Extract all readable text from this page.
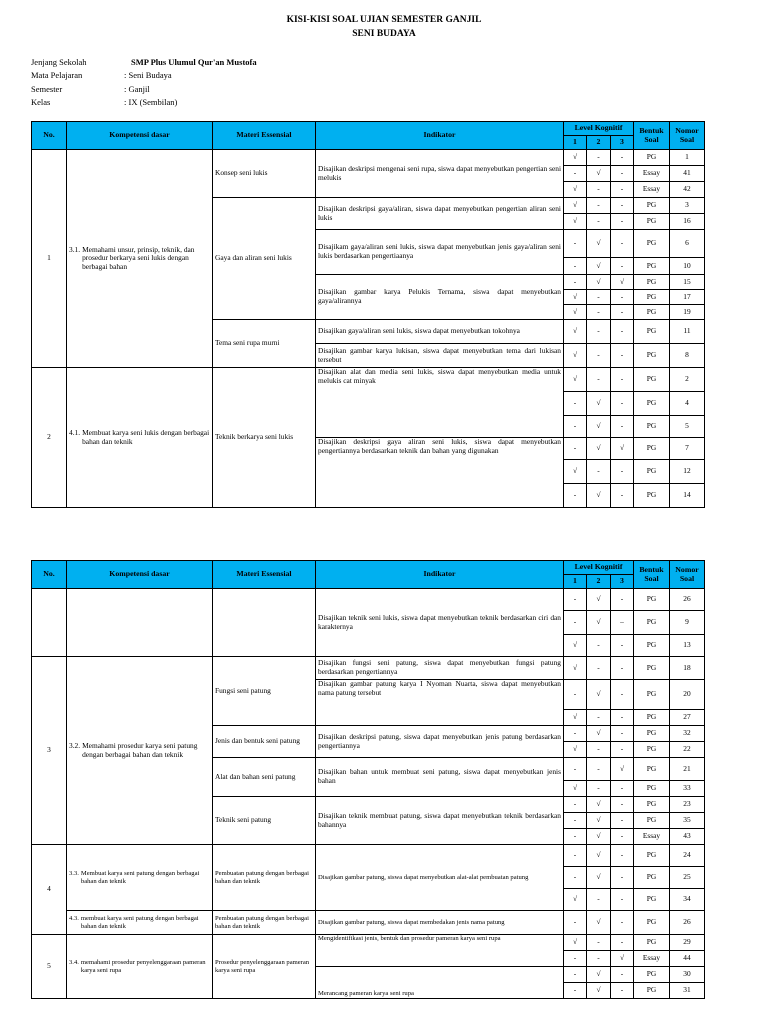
KISI-KISI SOAL UJIAN SEMESTER GANJIL
SENI BUDAYA
Jenjang Sekolah	SMP Plus Ulumul Qur'an Mustofa
Mata Pelajaran	: Seni Budaya
Semester	: Ganjil
Kelas	: IX (Sembilan)
No.	Kompetensi dasar	Materi Essensial	Indikator	Level Kognitif			Bentuk Soal	Nomor Soal
				1	2	3		
1	3.1. Memahami unsur, prinsip, teknik, dan prosedur berkarya seni lukis dengan berbagai bahan	Konsep seni lukis	Disajikan deskripsi mengenai seni rupa, siswa dapat menyebutkan pengertian seni melukis	√	-	-	PG	1
				-	√	-	Essay	41
				√	-	-	Essay	42
		Gaya dan aliran seni lukis	Disajikan deskripsi gaya/aliran, siswa dapat menyebutkan pengertian aliran seni lukis	√	-	-	PG	3
				√	-	-	PG	16

			Disajikam gaya/aliran seni lukis, siswa dapat menyebutkan jenis gaya/aliran seni lukis berdasarkan pengertiaanya	-	√	-	PG	6
				-	√	-	PG	10

			Disajikan gambar karya Pelukis Ternama, siswa dapat menyebutkan gaya/alirannya	-	√	√	PG	15
				√	-	-	PG	17
				√	-	-	PG	19
		Tema seni rupa murni	Disajikan gaya/aliran seni lukis, siswa dapat menyebutkan tokohnya	√	-	-	PG	11

			Disajikan gambar karya lukisan, siswa dapat menyebutkan tema dari lukisan tersebut	√	-	-	PG	8
2	4.1. Membuat karya seni lukis dengan berbagai bahan dan teknik	Teknik berkarya seni lukis	Disajikan alat dan media seni lukis, siswa dapat menyebutkan media untuk melukis cat minyak	√	-	-	PG	2
				-	√	-	PG	4
				-	√	-	PG	5

			Disajikan deskripsi gaya aliran seni lukis, siswa dapat menyebutkan pengertiannya berdasarkan teknik dan bahan yang digunakan	-	√	√	PG	7
				√	-	-	PG	12
				-	√	-	PG	14
No.	Kompetensi dasar	Materi Essensial	Indikator	Level Kognitif			Bentuk Soal	Nomor Soal
				1	2	3		

			Disajikan teknik seni lukis, siswa dapat menyebutkan teknik berdasarkan ciri dan karakternya	-	√	-	PG	26
				-	√	–	PG	9
				√	-	-	PG	13
3	3.2. Memahami prosedur karya seni patung dengan berbagai bahan dan teknik	Fungsi seni patung	Disajikan fungsi seni patung, siswa dapat menyebutkan fungsi patung berdasarkan pengertiannya	√	-	-	PG	18

			Disajikan gambar patung karya I Nyoman Nuarta, siswa dapat menyebutkan nama patung tersebut	-	√	-	PG	20
				√	-	-	PG	27
		Jenis dan bentuk seni patung	Disajikan deskripsi patung, siswa dapat menyebutkan jenis patung berdasarkan pengertiannya	-	√	-	PG	32
				√	-	-	PG	22
		Alat dan bahan seni patung	Disajikan bahan untuk membuat seni patung, siswa dapat menyebutkan jenis bahan	-	-	√	PG	21
				√	-	-	PG	33
		Teknik seni patung	Disajikan teknik membuat patung, siswa dapat menyebutkan teknik berdasarkan bahannya	-	√	-	PG	23
				-	√	-	PG	35
				-	√	-	Essay	43
4	3.3. Membuat karya seni patung dengan berbagai bahan dan teknik	Pembuatan patung dengan berbagai bahan dan teknik	Disajikan gambar patung, siswa dapat menyebutkan alat-alat pembuatan patung	-	√	-	PG	24
				-	√	-	PG	25
				√	-	-	PG	34

	4.3. membuat karya seni patung dengan berbagai bahan dan teknik	Pembuatan patung dengan berbagai bahan dan teknik	Disajikan gambar patung, siswa dapat membedakan jenis nama patung	-	√	-	PG	26
5	3.4. memahami prosedur penyelenggaraan pameran karya seni rupa	Prosedur penyelenggaraan pameran karya seni rupa	Mengidentifikasi jenis, bentuk dan prosedur pameran karya seni rupa	√	-	-	PG	29
				-	-	√	Essay	44

			Merancang pameran karya seni rupa	-	√	-	PG	30
				-	√	-	PG	31
